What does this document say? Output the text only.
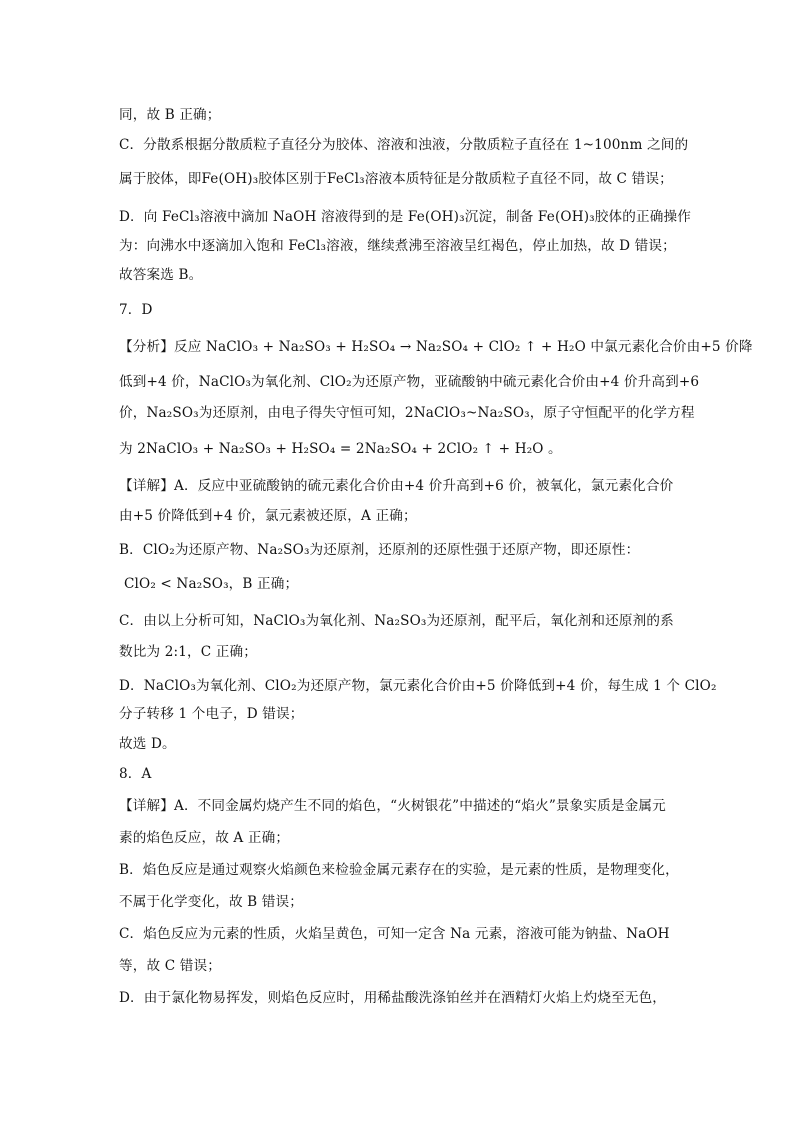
同，故 B 正确；
C．分散系根据分散质粒子直径分为胶体、溶液和浊液，分散质粒子直径在 1~100nm 之间的
属于胶体，即Fe(OH)₃胶体区别于FeCl₃溶液本质特征是分散质粒子直径不同，故 C 错误；
D．向 FeCl₃溶液中滴加 NaOH 溶液得到的是 Fe(OH)₃沉淀，制备 Fe(OH)₃胶体的正确操作
为：向沸水中逐滴加入饱和 FeCl₃溶液，继续煮沸至溶液呈红褐色，停止加热，故 D 错误；
故答案选 B。
7．D
【分析】反应 NaClO₃ + Na₂SO₃ + H₂SO₄ → Na₂SO₄ + ClO₂ ↑ + H₂O 中氯元素化合价由+5 价降
低到+4 价，NaClO₃为氧化剂、ClO₂为还原产物，亚硫酸钠中硫元素化合价由+4 价升高到+6
价，Na₂SO₃为还原剂，由电子得失守恒可知，2NaClO₃~Na₂SO₃，原子守恒配平的化学方程
为 2NaClO₃ + Na₂SO₃ + H₂SO₄ = 2Na₂SO₄ + 2ClO₂ ↑ + H₂O 。
【详解】A．反应中亚硫酸钠的硫元素化合价由+4 价升高到+6 价，被氧化，氯元素化合价
由+5 价降低到+4 价，氯元素被还原，A 正确；
B．ClO₂为还原产物、Na₂SO₃为还原剂，还原剂的还原性强于还原产物，即还原性：
ClO₂ < Na₂SO₃，B 正确；
C．由以上分析可知，NaClO₃为氧化剂、Na₂SO₃为还原剂，配平后，氧化剂和还原剂的系
数比为 2:1，C 正确；
D．NaClO₃为氧化剂、ClO₂为还原产物，氯元素化合价由+5 价降低到+4 价，每生成 1 个 ClO₂
分子转移 1 个电子，D 错误；
故选 D。
8．A
【详解】A．不同金属灼烧产生不同的焰色，“火树银花”中描述的“焰火”景象实质是金属元
素的焰色反应，故 A 正确；
B．焰色反应是通过观察火焰颜色来检验金属元素存在的实验，是元素的性质，是物理变化，
不属于化学变化，故 B 错误；
C．焰色反应为元素的性质，火焰呈黄色，可知一定含 Na 元素，溶液可能为钠盐、NaOH
等，故 C 错误；
D．由于氯化物易挥发，则焰色反应时，用稀盐酸洗涤铂丝并在酒精灯火焰上灼烧至无色，
